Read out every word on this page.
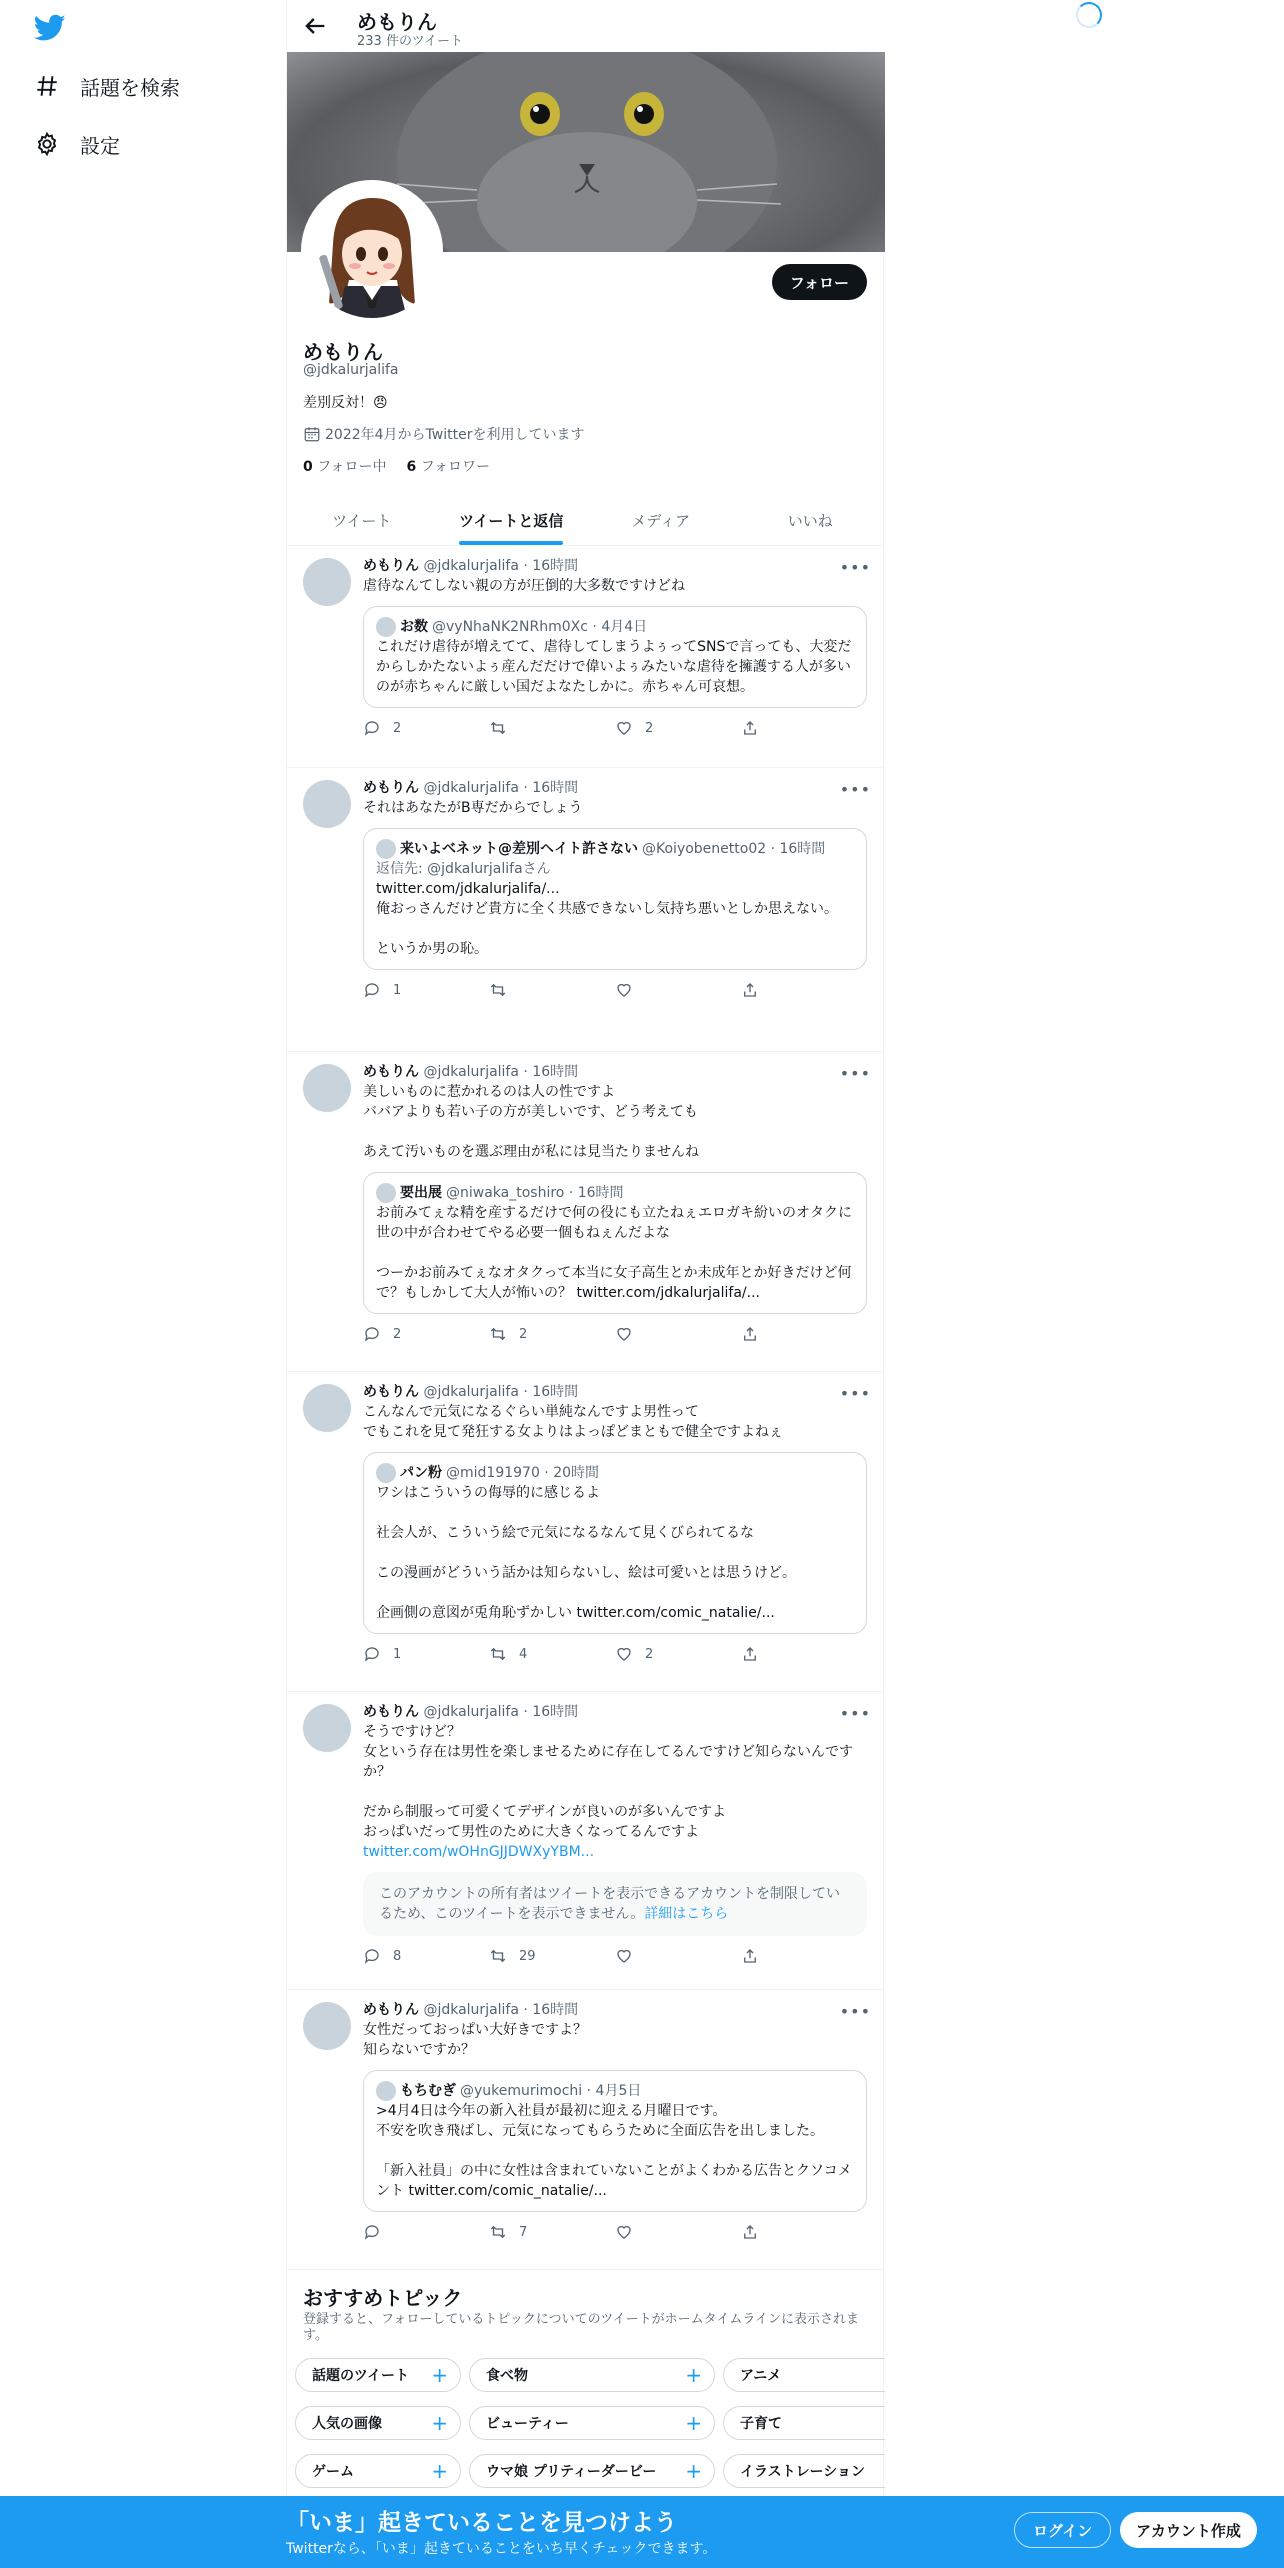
話題を検索
設定
めもりん
233 件のツイート
フォロー
めもりん
@jdkalurjalifa
差別反対！😠
2022年4月からTwitterを利用しています
0 フォロー中 6 フォロワー
ツイート	ツイートと返信	メディア	いいね
•••
めもりん @jdkalurjalifa · 16時間
虐待なんてしない親の方が圧倒的大多数ですけどね
お数 @vyNhaNK2NRhm0Xc · 4月4日
これだけ虐待が増えてて、虐待してしまうよぅってSNSで言っても、大変だからしかたないよぅ産んだだけで偉いよぅみたいな虐待を擁護する人が多いのが赤ちゃんに厳しい国だよなたしかに。赤ちゃん可哀想。
2	2
•••
めもりん @jdkalurjalifa · 16時間
それはあなたがB専だからでしょう
来いよベネット@差別ヘイト許さない @Koiyobenetto02 · 16時間
返信先: @jdkalurjalifaさん
twitter.com/jdkalurjalifa/...
俺おっさんだけど貴方に全く共感できないし気持ち悪いとしか思えない。

というか男の恥。
1
•••
めもりん @jdkalurjalifa · 16時間
美しいものに惹かれるのは人の性ですよ
ババアよりも若い子の方が美しいです、どう考えても

あえて汚いものを選ぶ理由が私には見当たりませんね
要出展 @niwaka_toshiro · 16時間
お前みてぇな精を産するだけで何の役にも立たねぇエロガキ紛いのオタクに世の中が合わせてやる必要一個もねぇんだよな

つーかお前みてぇなオタクって本当に女子高生とか未成年とか好きだけど何で？もしかして大人が怖いの？ twitter.com/jdkalurjalifa/...
2	2
•••
めもりん @jdkalurjalifa · 16時間
こんなんで元気になるぐらい単純なんですよ男性って
でもこれを見て発狂する女よりはよっぽどまともで健全ですよねぇ
パン粉 @mid191970 · 20時間
ワシはこういうの侮辱的に感じるよ

社会人が、こういう絵で元気になるなんて見くびられてるな

この漫画がどういう話かは知らないし、絵は可愛いとは思うけど。

企画側の意図が兎角恥ずかしい twitter.com/comic_natalie/...
1	4	2
•••
めもりん @jdkalurjalifa · 16時間
そうですけど？
女という存在は男性を楽しませるために存在してるんですけど知らないんですか？

だから制服って可愛くてデザインが良いのが多いんですよ
おっぱいだって男性のために大きくなってるんですよ
twitter.com/wOHnGJJDWXyYBM...
このアカウントの所有者はツイートを表示できるアカウントを制限しているため、このツイートを表示できません。詳細はこちら
8	29
•••
めもりん @jdkalurjalifa · 16時間
女性だっておっぱい大好きですよ？
知らないですか？
もちむぎ @yukemurimochi · 4月5日
>4月4日は今年の新入社員が最初に迎える月曜日です。
不安を吹き飛ばし、元気になってもらうために全面広告を出しました。

「新入社員」の中に女性は含まれていないことがよくわかる広告とクソコメント twitter.com/comic_natalie/...
7
おすすめトピック
登録すると、フォローしているトピックについてのツイートがホームタイムラインに表示されます。
話題のツイート +	食べ物	+	アニメ
人気の画像 +	ビューティー	+	子育て
ゲーム	+	ウマ娘 プリティーダービー +	イラストレーション
「いま」起きていることを見つけよう
Twitterなら、「いま」起きていることをいち早くチェックできます。
ログイン	アカウント作成
